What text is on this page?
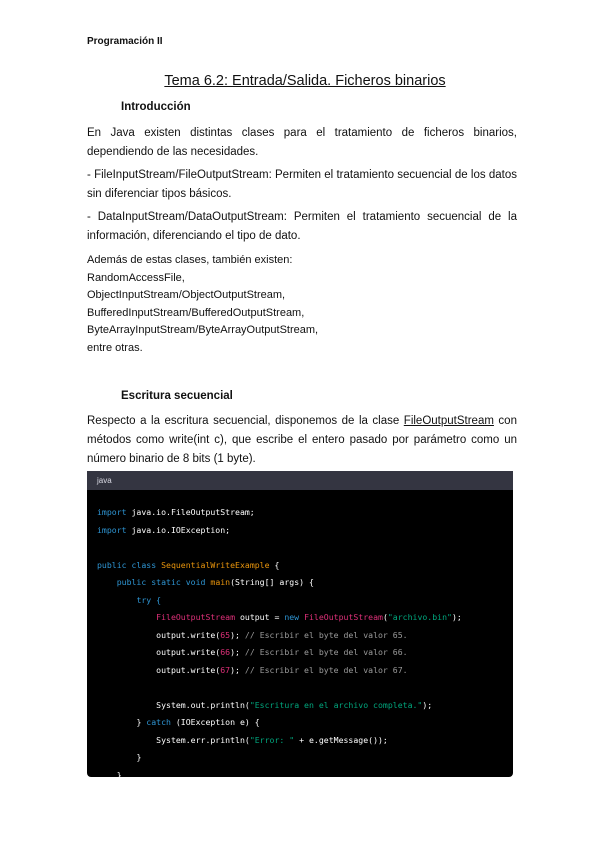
Programación II
Tema 6.2: Entrada/Salida. Ficheros binarios
Introducción
En Java existen distintas clases para el tratamiento de ficheros binarios, dependiendo de las necesidades.
- FileInputStream/FileOutputStream: Permiten el tratamiento secuencial de los datos sin diferenciar tipos básicos.
- DataInputStream/DataOutputStream: Permiten el tratamiento secuencial de la información, diferenciando el tipo de dato.
Además de estas clases, también existen:
RandomAccessFile,
ObjectInputStream/ObjectOutputStream,
BufferedInputStream/BufferedOutputStream,
ByteArrayInputStream/ByteArrayOutputStream,
entre otras.
Escritura secuencial
Respecto a la escritura secuencial, disponemos de la clase FileOutputStream con métodos como write(int c), que escribe el entero pasado por parámetro como un número binario de 8 bits (1 byte).
java
import java.io.FileOutputStream;
import java.io.IOException;

public class SequentialWriteExample {
public static void main(String[] args) {
try {
FileOutputStream output = new FileOutputStream("archivo.bin");
output.write(65); // Escribir el byte del valor 65.
output.write(66); // Escribir el byte del valor 66.
output.write(67); // Escribir el byte del valor 67.

System.out.println("Escritura en el archivo completa.");
} catch (IOException e) {
System.err.println("Error: " + e.getMessage());
}
}
}
